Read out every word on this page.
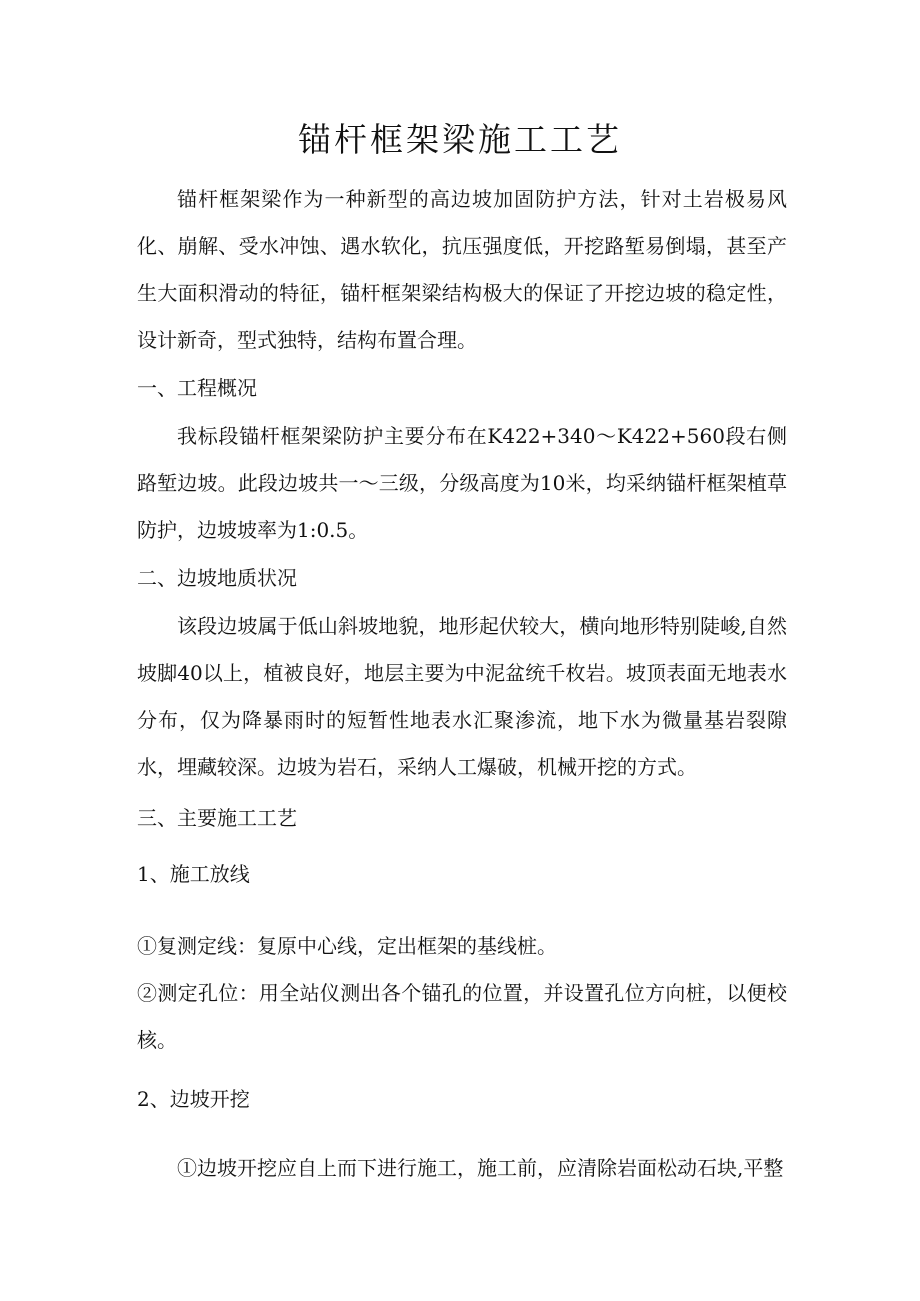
锚杆框架梁施工工艺

锚杆框架梁作为一种新型的高边坡加固防护方法，针对土岩极易风化、崩解、受水冲蚀、遇水软化，抗压强度低，开挖路堑易倒塌，甚至产生大面积滑动的特征，锚杆框架梁结构极大的保证了开挖边坡的稳定性，设计新奇，型式独特，结构布置合理。

一、工程概况

我标段锚杆框架梁防护主要分布在K422+340～K422+560段右侧路堑边坡。此段边坡共一～三级，分级高度为10米，均采纳锚杆框架植草防护，边坡坡率为1:0.5。

二、边坡地质状况

该段边坡属于低山斜坡地貌，地形起伏较大，横向地形特别陡峻,自然坡脚40以上，植被良好，地层主要为中泥盆统千枚岩。坡顶表面无地表水分布，仅为降暴雨时的短暂性地表水汇聚渗流，地下水为微量基岩裂隙水，埋藏较深。边坡为岩石，采纳人工爆破，机械开挖的方式。

三、主要施工工艺

1、施工放线

①复测定线：复原中心线，定出框架的基线桩。

②测定孔位：用全站仪测出各个锚孔的位置，并设置孔位方向桩，以便校核。

2、边坡开挖

①边坡开挖应自上而下进行施工，施工前，应清除岩面松动石块,平整
